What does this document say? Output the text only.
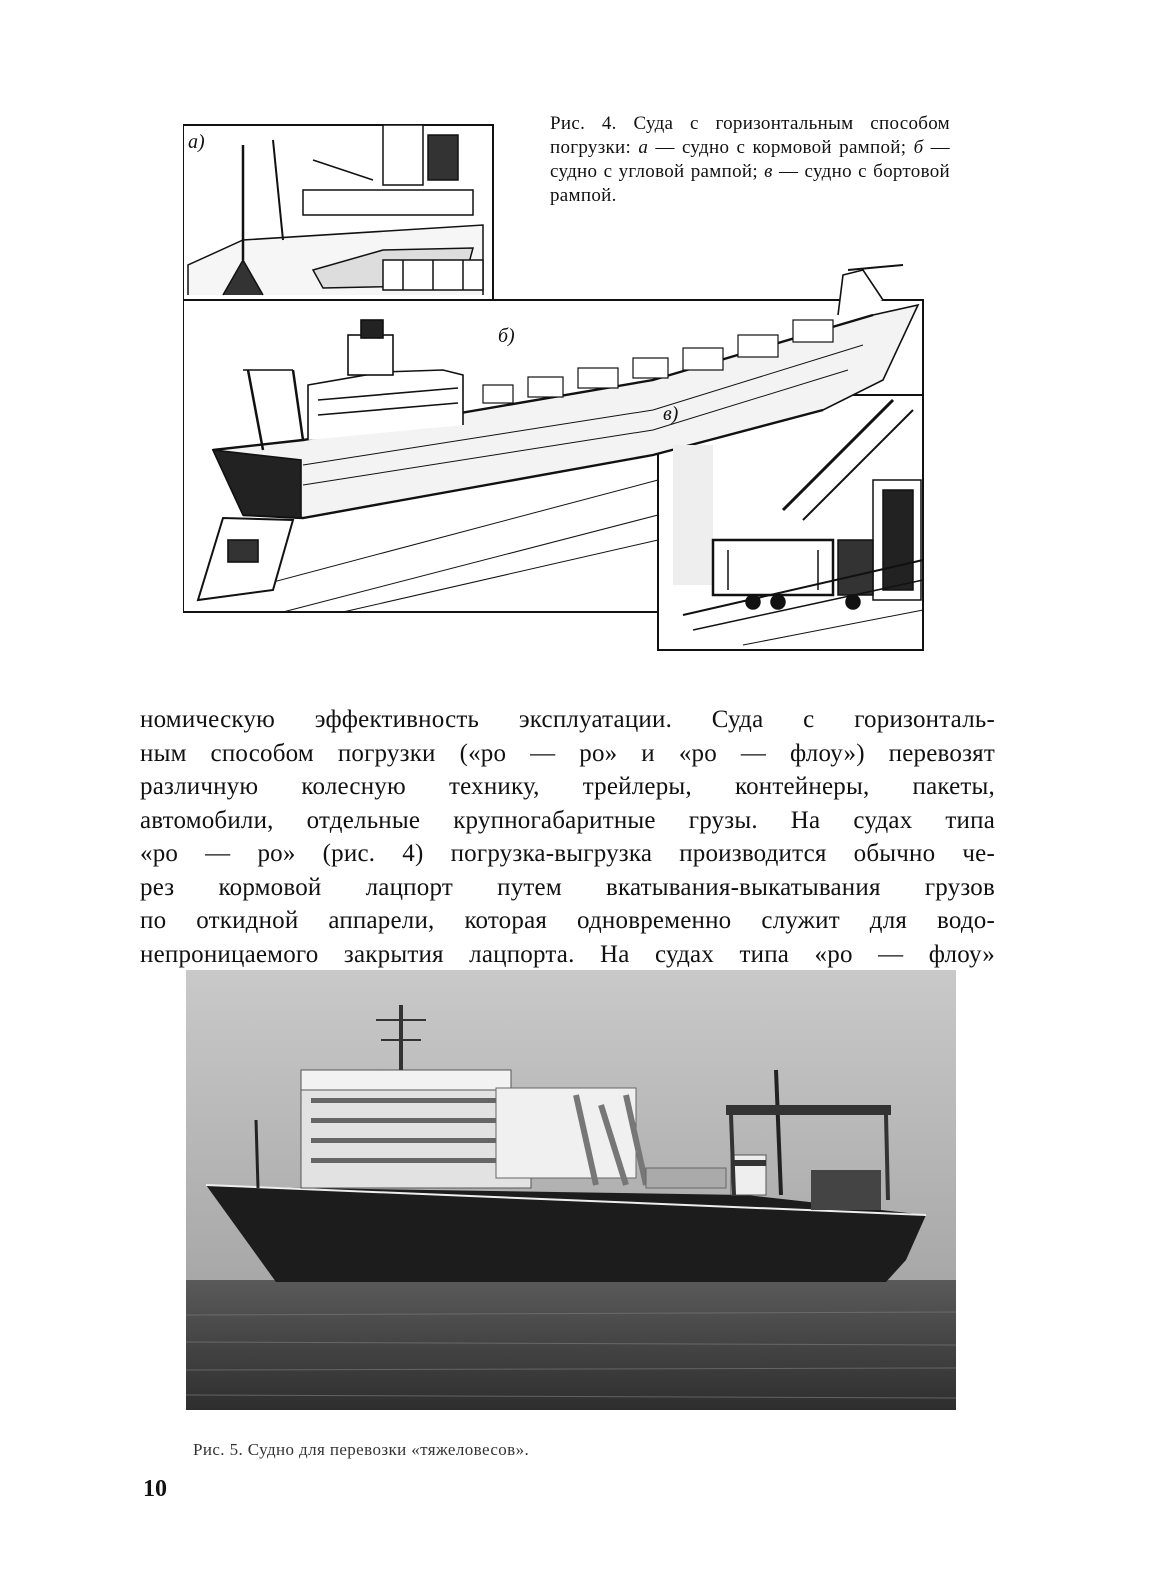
а)
б)
в)
Рис. 4. Суда с горизонтальным способом погрузки: а — судно с кормовой рампой; б — судно с угловой рампой; в — судно с бортовой рампой.
номическую эффективность эксплуатации. Суда с горизонталь-
ным способом погрузки («ро — ро» и «ро — флоу») перевозят
различную колесную технику, трейлеры, контейнеры, пакеты,
автомобили, отдельные крупногабаритные грузы. На судах типа
«ро — ро» (рис. 4) погрузка-выгрузка производится обычно че-
рез кормовой лацпорт путем вкатывания-выкатывания грузов
по откидной аппарели, которая одновременно служит для водо-
непроницаемого закрытия лацпорта. На судах типа «ро — флоу»
Рис. 5. Судно для перевозки «тяжеловесов».
10
